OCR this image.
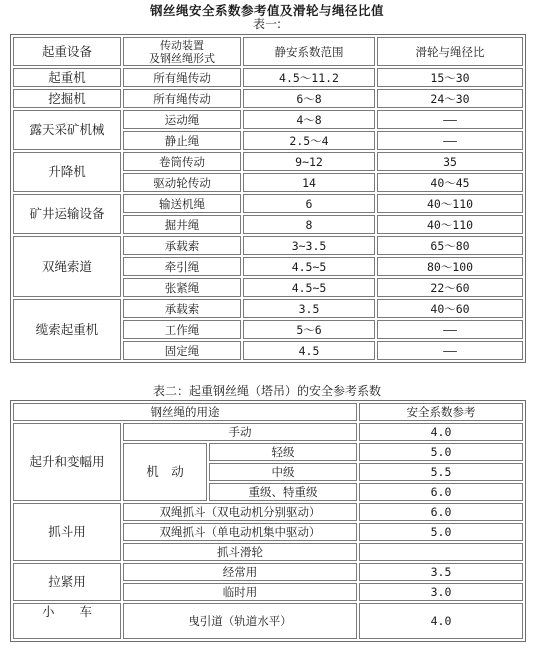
钢丝绳安全系数参考值及滑轮与绳径比值
表一:
起重设备	传动装置
及钢丝绳形式	静安系数范围	滑轮与绳径比
起重机	所有绳传动	4.5～11.2	15～30
挖掘机	所有绳传动	6～8	24～30
露天采矿机械	运动绳	4～8	——
	静止绳	2.5～4	——
升降机	卷筒传动	9~12	35
	驱动轮传动	14	40～45
矿井运输设备	输送机绳	6	40～110
	掘井绳	8	40～110
双绳索道	承载索	3~3.5	65～80
	牵引绳	4.5~5	80～100
	张紧绳	4.5~5	22～60
缆索起重机	承载索	3.5	40～60
	工作绳	5～6	——
	固定绳	4.5	——
表二：起重钢丝绳（塔吊）的安全参考系数
钢丝绳的用途			安全系数参考
起升和变幅用	手动		4.0
	机　动	轻级	5.0
		中级	5.5
		重级、特重级	6.0
抓斗用	双绳抓斗（双电动机分别驱动）		6.0
	双绳抓斗（单电动机集中驱动）		5.0
	抓斗滑轮		
拉紧用	经常用		3.5
	临时用		3.0
小　　车	曳引道（轨道水平）		4.0
